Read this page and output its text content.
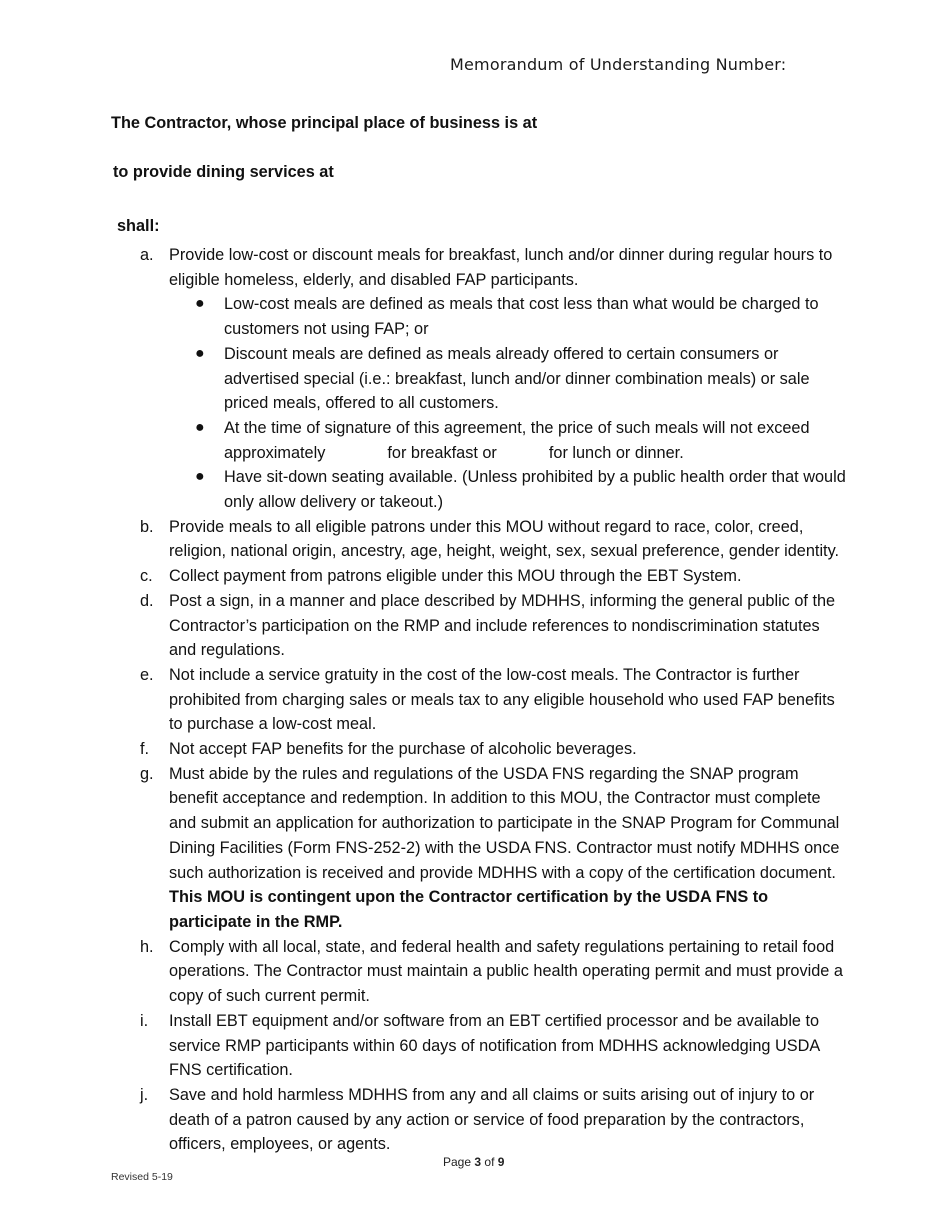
Memorandum of Understanding Number:
The Contractor, whose principal place of business is at
to provide dining services at
shall:
a. Provide low-cost or discount meals for breakfast, lunch and/or dinner during regular hours to eligible homeless, elderly, and disabled FAP participants.
● Low-cost meals are defined as meals that cost less than what would be charged to customers not using FAP; or
● Discount meals are defined as meals already offered to certain consumers or advertised special (i.e.: breakfast, lunch and/or dinner combination meals) or sale priced meals, offered to all customers.
● At the time of signature of this agreement, the price of such meals will not exceed approximately	for breakfast or	for lunch or dinner.
● Have sit-down seating available. (Unless prohibited by a public health order that would only allow delivery or takeout.)
b. Provide meals to all eligible patrons under this MOU without regard to race, color, creed, religion, national origin, ancestry, age, height, weight, sex, sexual preference, gender identity.
c. Collect payment from patrons eligible under this MOU through the EBT System.
d. Post a sign, in a manner and place described by MDHHS, informing the general public of the Contractor’s participation on the RMP and include references to nondiscrimination statutes and regulations.
e. Not include a service gratuity in the cost of the low-cost meals. The Contractor is further prohibited from charging sales or meals tax to any eligible household who used FAP benefits to purchase a low-cost meal.
f. Not accept FAP benefits for the purchase of alcoholic beverages.
g. Must abide by the rules and regulations of the USDA FNS regarding the SNAP program benefit acceptance and redemption. In addition to this MOU, the Contractor must complete and submit an application for authorization to participate in the SNAP Program for Communal Dining Facilities (Form FNS-252-2) with the USDA FNS. Contractor must notify MDHHS once such authorization is received and provide MDHHS with a copy of the certification document. This MOU is contingent upon the Contractor certification by the USDA FNS to participate in the RMP.
h. Comply with all local, state, and federal health and safety regulations pertaining to retail food operations. The Contractor must maintain a public health operating permit and must provide a copy of such current permit.
i. Install EBT equipment and/or software from an EBT certified processor and be available to service RMP participants within 60 days of notification from MDHHS acknowledging USDA FNS certification.
j. Save and hold harmless MDHHS from any and all claims or suits arising out of injury to or death of a patron caused by any action or service of food preparation by the contractors, officers, employees, or agents.
Page 3 of 9
Revised 5-19
